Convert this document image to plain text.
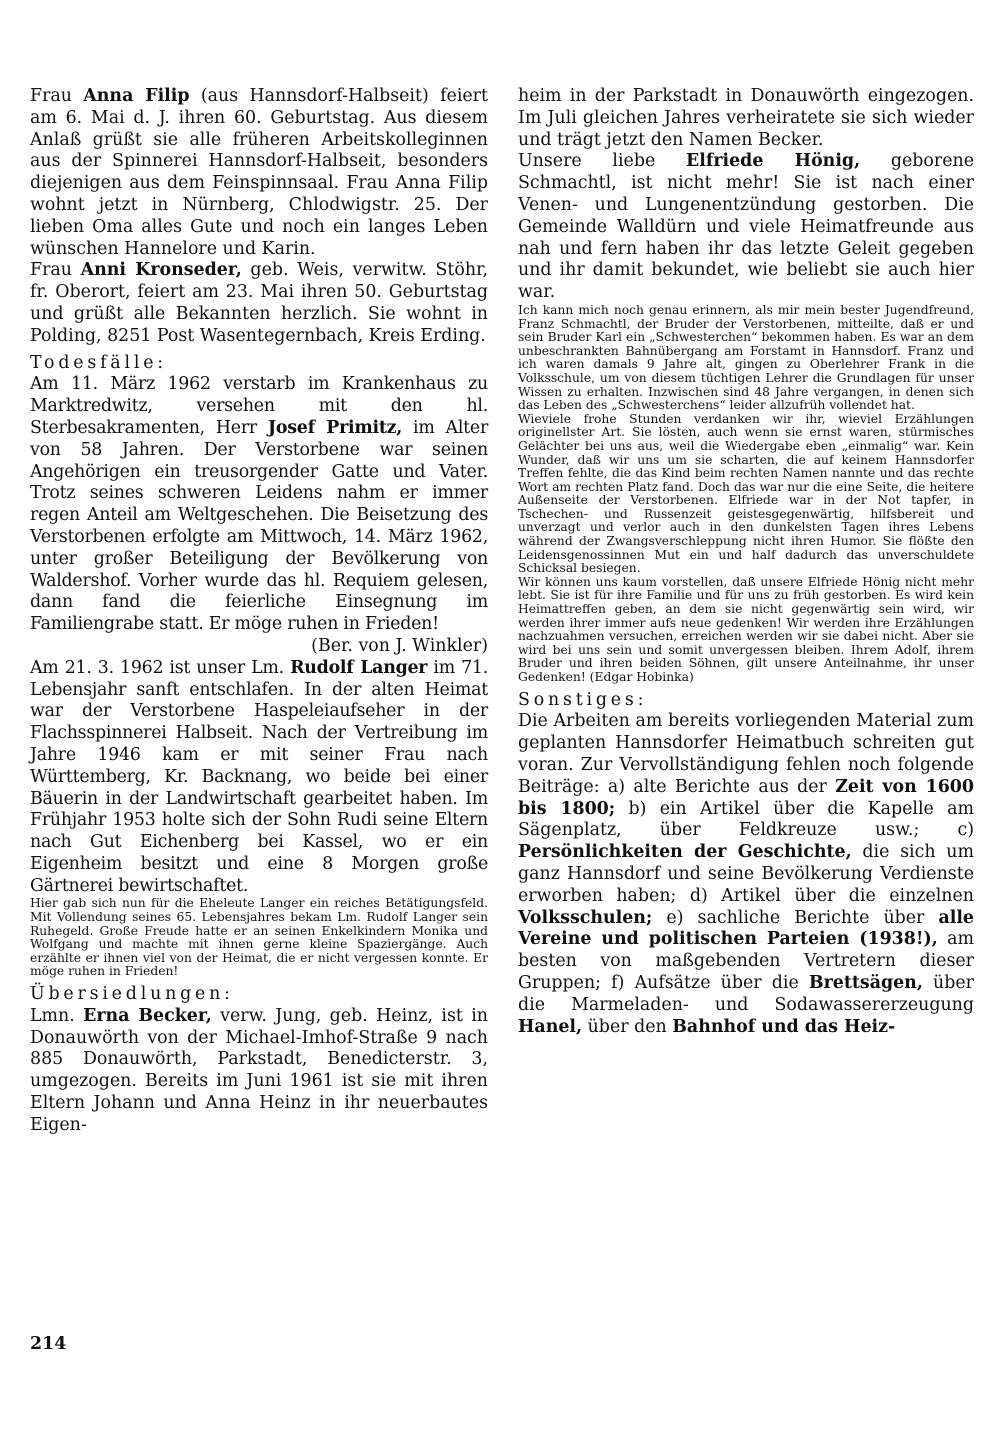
Frau Anna Filip (aus Hannsdorf-Halbseit) feiert am 6. Mai d. J. ihren 60. Geburtstag. Aus diesem Anlaß grüßt sie alle früheren Arbeitskolleginnen aus der Spinnerei Hannsdorf-Halbseit, besonders diejenigen aus dem Feinspinnsaal. Frau Anna Filip wohnt jetzt in Nürnberg, Chlodwigstr. 25. Der lieben Oma alles Gute und noch ein langes Leben wünschen Hannelore und Karin.

Frau Anni Kronseder, geb. Weis, verwitw. Stöhr, fr. Oberort, feiert am 23. Mai ihren 50. Geburtstag und grüßt alle Bekannten herzlich. Sie wohnt in Polding, 8251 Post Wasentegernbach, Kreis Erding.

Todesfälle:

Am 11. März 1962 verstarb im Krankenhaus zu Marktredwitz, versehen mit den hl. Sterbesakramenten, Herr Josef Primitz, im Alter von 58 Jahren. Der Verstorbene war seinen Angehörigen ein treusorgender Gatte und Vater. Trotz seines schweren Leidens nahm er immer regen Anteil am Weltgeschehen. Die Beisetzung des Verstorbenen erfolgte am Mittwoch, 14. März 1962, unter großer Beteiligung der Bevölkerung von Waldershof. Vorher wurde das hl. Requiem gelesen, dann fand die feierliche Einsegnung im Familiengrabe statt. Er möge ruhen in Frieden!

(Ber. von J. Winkler)

Am 21. 3. 1962 ist unser Lm. Rudolf Langer im 71. Lebensjahr sanft entschlafen. In der alten Heimat war der Verstorbene Haspeleiaufseher in der Flachsspinnerei Halbseit. Nach der Vertreibung im Jahre 1946 kam er mit seiner Frau nach Württemberg, Kr. Backnang, wo beide bei einer Bäuerin in der Landwirtschaft gearbeitet haben. Im Frühjahr 1953 holte sich der Sohn Rudi seine Eltern nach Gut Eichenberg bei Kassel, wo er ein Eigenheim besitzt und eine 8 Morgen große Gärtnerei bewirtschaftet.

Hier gab sich nun für die Eheleute Langer ein reiches Betätigungsfeld. Mit Vollendung seines 65. Lebensjahres bekam Lm. Rudolf Langer sein Ruhegeld. Große Freude hatte er an seinen Enkelkindern Monika und Wolfgang und machte mit ihnen gerne kleine Spaziergänge. Auch erzählte er ihnen viel von der Heimat, die er nicht vergessen konnte. Er möge ruhen in Frieden!

Übersiedlungen:

Lmn. Erna Becker, verw. Jung, geb. Heinz, ist in Donauwörth von der Michael-Imhof-Straße 9 nach 885 Donauwörth, Parkstadt, Benedicterstr. 3, umgezogen. Bereits im Juni 1961 ist sie mit ihren Eltern Johann und Anna Heinz in ihr neuerbautes Eigen-

heim in der Parkstadt in Donauwörth eingezogen. Im Juli gleichen Jahres verheiratete sie sich wieder und trägt jetzt den Namen Becker.

Unsere liebe Elfriede Hönig, geborene Schmachtl, ist nicht mehr! Sie ist nach einer Venen- und Lungenentzündung gestorben. Die Gemeinde Walldürn und viele Heimatfreunde aus nah und fern haben ihr das letzte Geleit gegeben und ihr damit bekundet, wie beliebt sie auch hier war.

Ich kann mich noch genau erinnern, als mir mein bester Jugendfreund, Franz Schmachtl, der Bruder der Verstorbenen, mitteilte, daß er und sein Bruder Karl ein „Schwesterchen“ bekommen haben. Es war an dem unbeschrankten Bahnübergang am Forstamt in Hannsdorf. Franz und ich waren damals 9 Jahre alt, gingen zu Oberlehrer Frank in die Volksschule, um von diesem tüchtigen Lehrer die Grundlagen für unser Wissen zu erhalten. Inzwischen sind 48 Jahre vergangen, in denen sich das Leben des „Schwesterchens“ leider allzufrüh vollendet hat.

Wieviele frohe Stunden verdanken wir ihr, wieviel Erzählungen originellster Art. Sie lösten, auch wenn sie ernst waren, stürmisches Gelächter bei uns aus, weil die Wiedergabe eben „einmalig“ war. Kein Wunder, daß wir uns um sie scharten, die auf keinem Hannsdorfer Treffen fehlte, die das Kind beim rechten Namen nannte und das rechte Wort am rechten Platz fand. Doch das war nur die eine Seite, die heitere Außenseite der Verstorbenen. Elfriede war in der Not tapfer, in Tschechen- und Russenzeit geistesgegenwärtig, hilfsbereit und unverzagt und verlor auch in den dunkelsten Tagen ihres Lebens während der Zwangsverschleppung nicht ihren Humor. Sie flößte den Leidensgenossinnen Mut ein und half dadurch das unverschuldete Schicksal besiegen.

Wir können uns kaum vorstellen, daß unsere Elfriede Hönig nicht mehr lebt. Sie ist für ihre Familie und für uns zu früh gestorben. Es wird kein Heimattreffen geben, an dem sie nicht gegenwärtig sein wird, wir werden ihrer immer aufs neue gedenken! Wir werden ihre Erzählungen nachzuahmen versuchen, erreichen werden wir sie dabei nicht. Aber sie wird bei uns sein und somit unvergessen bleiben. Ihrem Adolf, ihrem Bruder und ihren beiden Söhnen, gilt unsere Anteilnahme, ihr unser Gedenken! (Edgar Hobinka)

Sonstiges:

Die Arbeiten am bereits vorliegenden Material zum geplanten Hannsdorfer Heimatbuch schreiten gut voran. Zur Vervollständigung fehlen noch folgende Beiträge: a) alte Berichte aus der Zeit von 1600 bis 1800; b) ein Artikel über die Kapelle am Sägenplatz, über Feldkreuze usw.; c) Persönlichkeiten der Geschichte, die sich um ganz Hannsdorf und seine Bevölkerung Verdienste erworben haben; d) Artikel über die einzelnen Volksschulen; e) sachliche Berichte über alle Vereine und politischen Parteien (1938!), am besten von maßgebenden Vertretern dieser Gruppen; f) Aufsätze über die Brettsägen, über die Marmeladen- und Sodawassererzeugung Hanel, über den Bahnhof und das Heiz-

214
